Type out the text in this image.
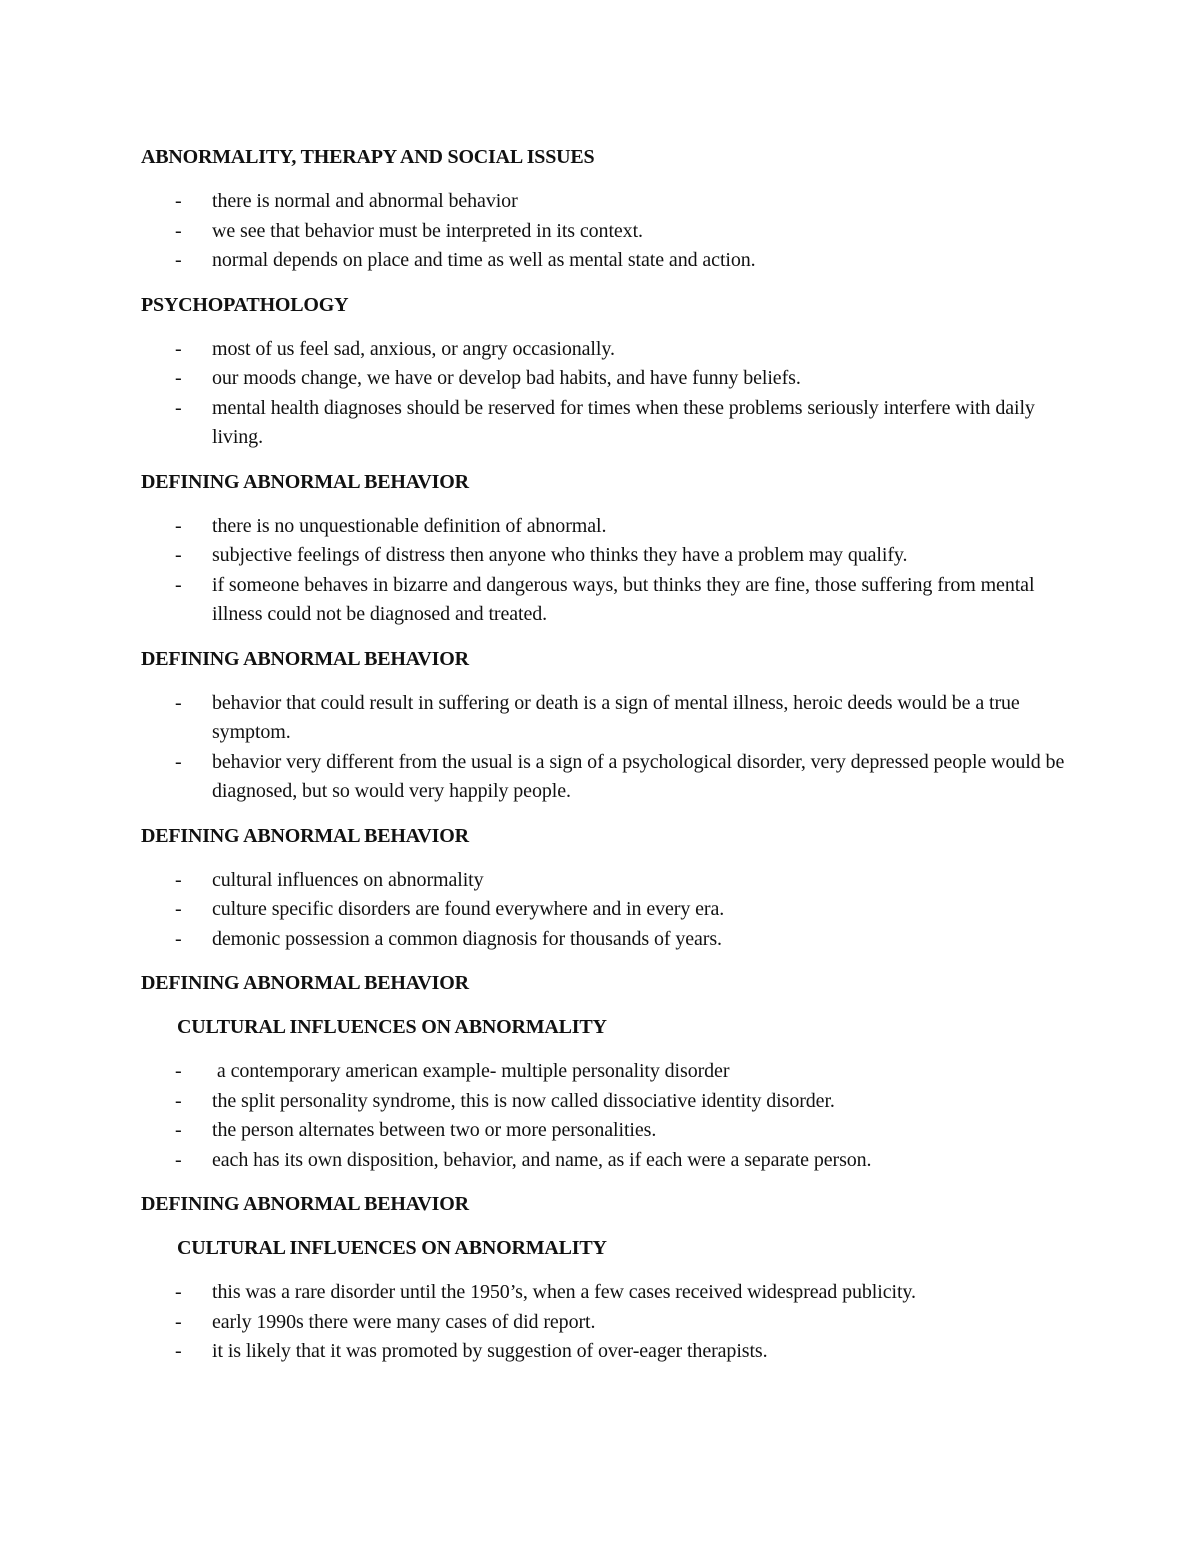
ABNORMALITY, THERAPY AND SOCIAL ISSUES
- there is normal and abnormal behavior
- we see that behavior must be interpreted in its context.
- normal depends on place and time as well as mental state and action.
PSYCHOPATHOLOGY
- most of us feel sad, anxious, or angry occasionally.
- our moods change, we have or develop bad habits, and have funny beliefs.
- mental health diagnoses should be reserved for times when these problems seriously interfere with daily living.
DEFINING ABNORMAL BEHAVIOR
- there is no unquestionable definition of abnormal.
- subjective feelings of distress then anyone who thinks they have a problem may qualify.
- if someone behaves in bizarre and dangerous ways, but thinks they are fine, those suffering from mental illness could not be diagnosed and treated.
DEFINING ABNORMAL BEHAVIOR
- behavior that could result in suffering or death is a sign of mental illness, heroic deeds would be a true symptom.
- behavior very different from the usual is a sign of a psychological disorder, very depressed people would be diagnosed, but so would very happily people.
DEFINING ABNORMAL BEHAVIOR
- cultural influences on abnormality
- culture specific disorders are found everywhere and in every era.
- demonic possession a common diagnosis for thousands of years.
DEFINING ABNORMAL BEHAVIOR
CULTURAL INFLUENCES ON ABNORMALITY
- a contemporary american example- multiple personality disorder
- the split personality syndrome, this is now called dissociative identity disorder.
- the person alternates between two or more personalities.
- each has its own disposition, behavior, and name, as if each were a separate person.
DEFINING ABNORMAL BEHAVIOR
CULTURAL INFLUENCES ON ABNORMALITY
- this was a rare disorder until the 1950’s, when a few cases received widespread publicity.
- early 1990s there were many cases of did report.
- it is likely that it was promoted by suggestion of over-eager therapists.
